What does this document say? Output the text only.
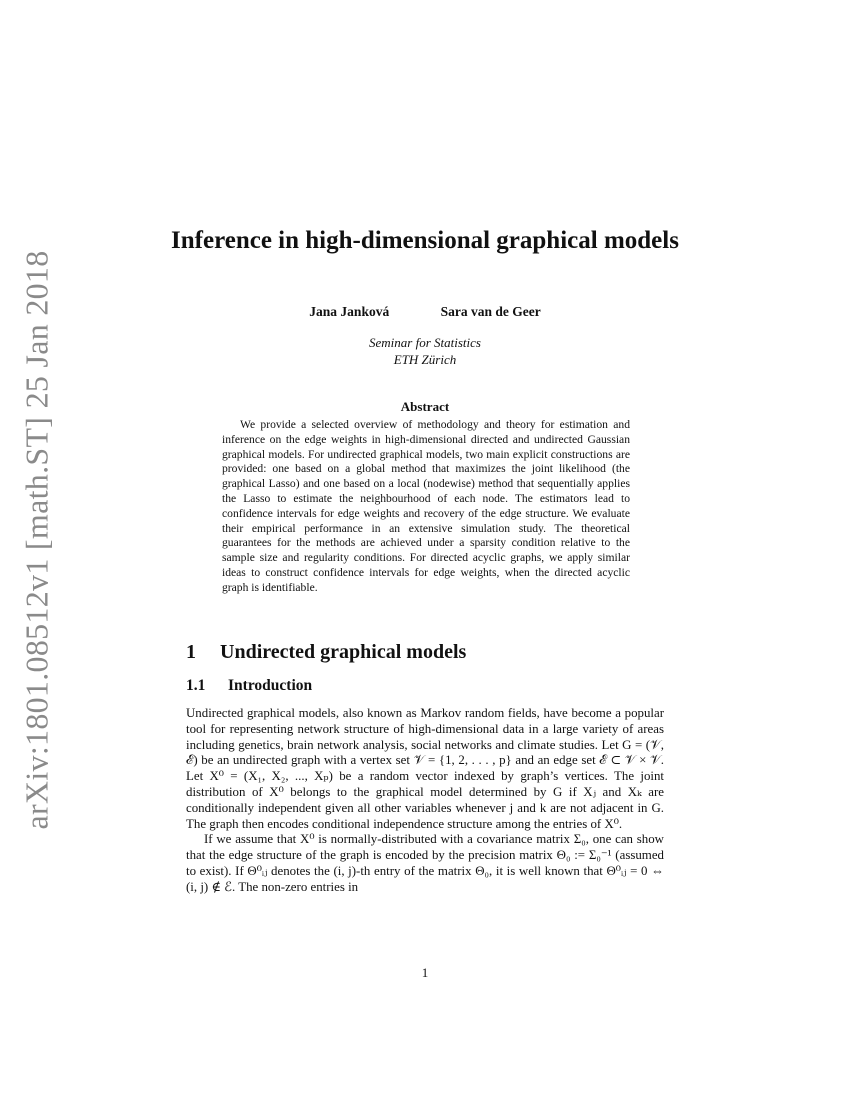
arXiv:1801.08512v1 [math.ST] 25 Jan 2018
Inference in high-dimensional graphical models
Jana Janková	Sara van de Geer
Seminar for Statistics
ETH Zürich
Abstract
We provide a selected overview of methodology and theory for estimation and inference on the edge weights in high-dimensional directed and undirected Gaussian graphical models. For undirected graphical models, two main explicit constructions are provided: one based on a global method that maximizes the joint likelihood (the graphical Lasso) and one based on a local (nodewise) method that sequentially applies the Lasso to estimate the neighbourhood of each node. The estimators lead to confidence intervals for edge weights and recovery of the edge structure. We evaluate their empirical performance in an extensive simulation study. The theoretical guarantees for the methods are achieved under a sparsity condition relative to the sample size and regularity conditions. For directed acyclic graphs, we apply similar ideas to construct confidence intervals for edge weights, when the directed acyclic graph is identifiable.
1 Undirected graphical models
1.1 Introduction

Undirected graphical models, also known as Markov random fields, have become a popular tool for representing network structure of high-dimensional data in a large variety of areas including genetics, brain network analysis, social networks and climate studies. Let G = (𝒱, ℰ) be an undirected graph with a vertex set 𝒱 = {1, 2, . . . , p} and an edge set ℰ ⊂ 𝒱 × 𝒱. Let X⁰ = (X₁, X₂, ..., Xₚ) be a random vector indexed by graph’s vertices. The joint distribution of X⁰ belongs to the graphical model determined by G if Xⱼ and Xₖ are conditionally independent given all other variables whenever j and k are not adjacent in G. The graph then encodes conditional independence structure among the entries of X⁰.

If we assume that X⁰ is normally-distributed with a covariance matrix Σ₀, one can show that the edge structure of the graph is encoded by the precision matrix Θ₀ := Σ₀⁻¹ (assumed to exist). If Θ⁰ᵢⱼ denotes the (i, j)-th entry of the matrix Θ₀, it is well known that Θ⁰ᵢⱼ = 0 ⇔ (i, j) ∉ ℰ. The non-zero entries in

1
